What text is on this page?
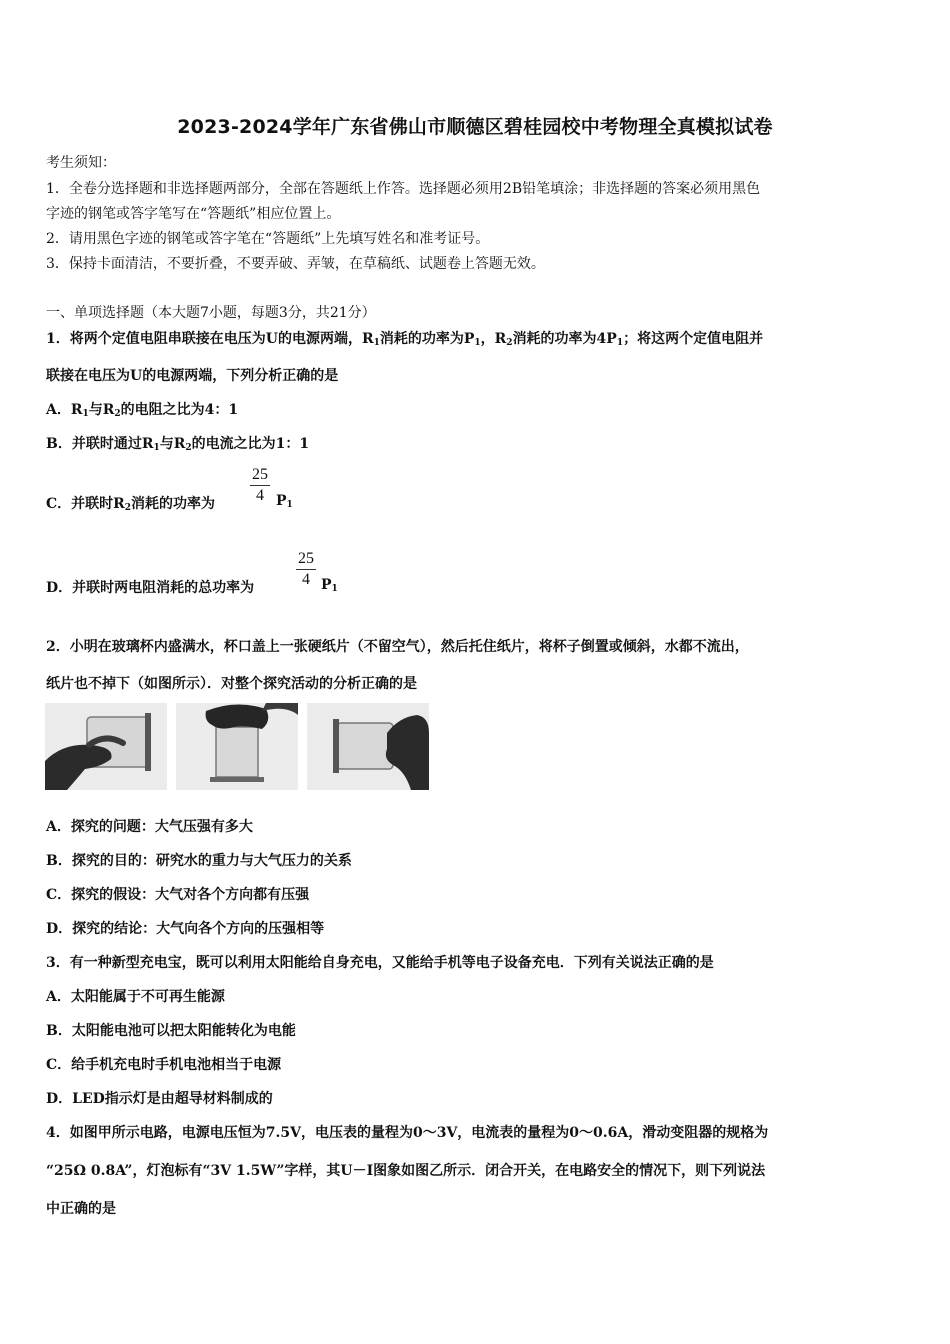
2023-2024学年广东省佛山市顺德区碧桂园校中考物理全真模拟试卷
考生须知：
1．全卷分选择题和非选择题两部分，全部在答题纸上作答。选择题必须用2B铅笔填涂；非选择题的答案必须用黑色
字迹的钢笔或答字笔写在“答题纸”相应位置上。
2．请用黑色字迹的钢笔或答字笔在“答题纸”上先填写姓名和准考证号。
3．保持卡面清洁，不要折叠，不要弄破、弄皱，在草稿纸、试题卷上答题无效。
一、单项选择题（本大题7小题，每题3分，共21分）
1．将两个定值电阻串联接在电压为U的电源两端，$R_1$消耗的功率为$P_1$，$R_2$消耗的功率为$4P_1$；将这两个定值电阻并
联接在电压为U的电源两端，下列分析正确的是
A．$R_1$与$R_2$的电阻之比为4：1
B．并联时通过$R_1$与$R_2$的电流之比为1：1
C．并联时$R_2$消耗的功率为 $\frac{25}{4} P_1$
D．并联时两电阻消耗的总功率为	$\frac{25}{4} P_1$
2．小明在玻璃杯内盛满水，杯口盖上一张硬纸片（不留空气），然后托住纸片，将杯子倒置或倾斜，水都不流出，
纸片也不掉下（如图所示）．对整个探究活动的分析正确的是
A．探究的问题：大气压强有多大
B．探究的目的：研究水的重力与大气压力的关系
C．探究的假设：大气对各个方向都有压强
D．探究的结论：大气向各个方向的压强相等
3．有一种新型充电宝，既可以利用太阳能给自身充电，又能给手机等电子设备充电．下列有关说法正确的是
A．太阳能属于不可再生能源
B．太阳能电池可以把太阳能转化为电能
C．给手机充电时手机电池相当于电源
D．LED指示灯是由超导材料制成的
4．如图甲所示电路，电源电压恒为7.5V，电压表的量程为0～3V，电流表的量程为0～0.6A，滑动变阻器的规格为
“25Ω 0.8A”，灯泡标有“3V 1.5W”字样，其U－I图象如图乙所示．闭合开关，在电路安全的情况下，则下列说法
中正确的是
